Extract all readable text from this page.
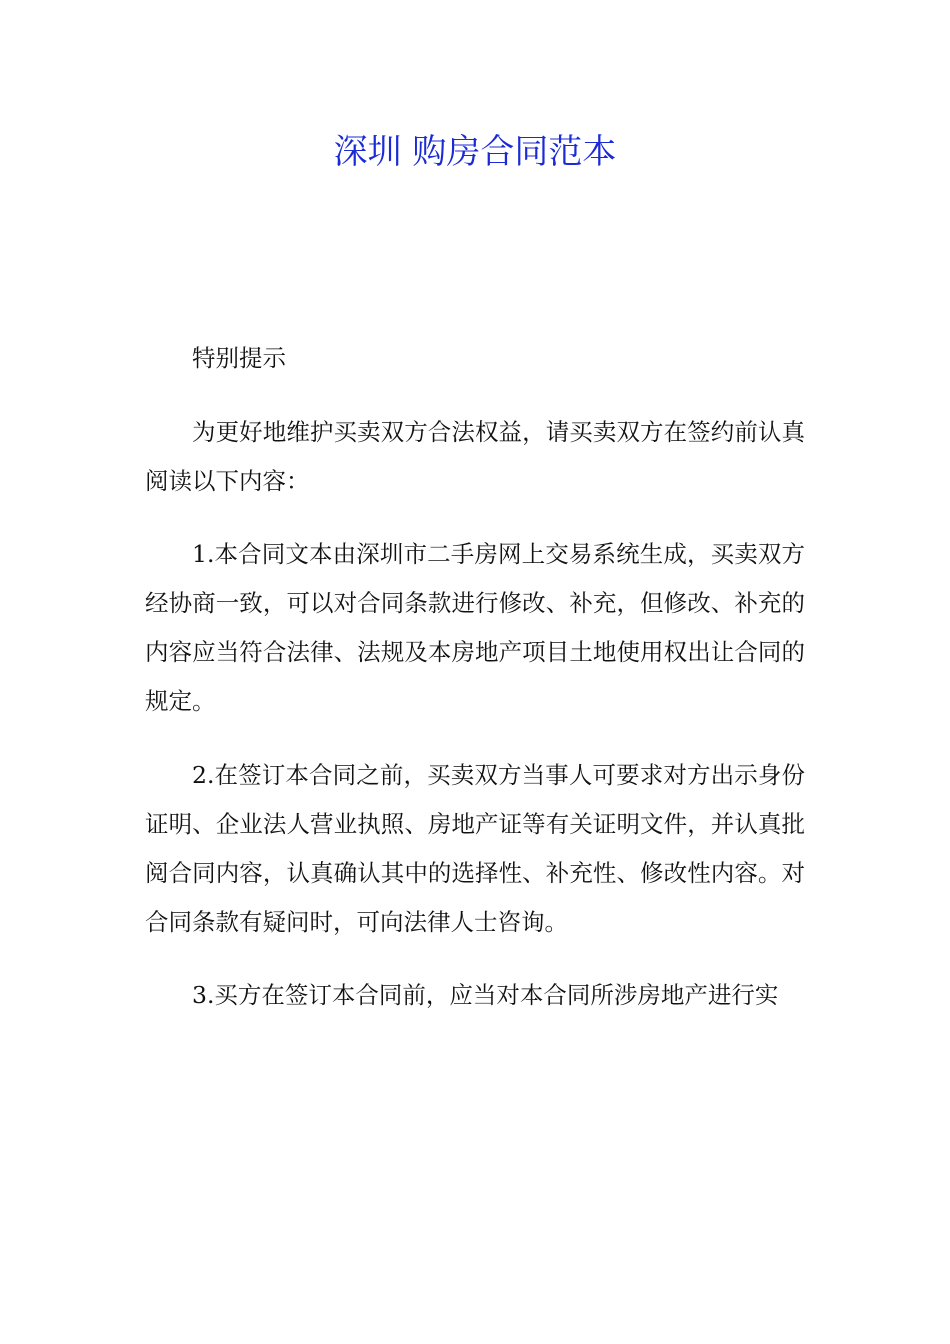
深圳 购房合同范本

特别提示

为更好地维护买卖双方合法权益，请买卖双方在签约前认真阅读以下内容：

1.本合同文本由深圳市二手房网上交易系统生成，买卖双方经协商一致，可以对合同条款进行修改、补充，但修改、补充的内容应当符合法律、法规及本房地产项目土地使用权出让合同的规定。

2.在签订本合同之前，买卖双方当事人可要求对方出示身份证明、企业法人营业执照、房地产证等有关证明文件，并认真批阅合同内容，认真确认其中的选择性、补充性、修改性内容。对合同条款有疑问时，可向法律人士咨询。

3.买方在签订本合同前，应当对本合同所涉房地产进行实
